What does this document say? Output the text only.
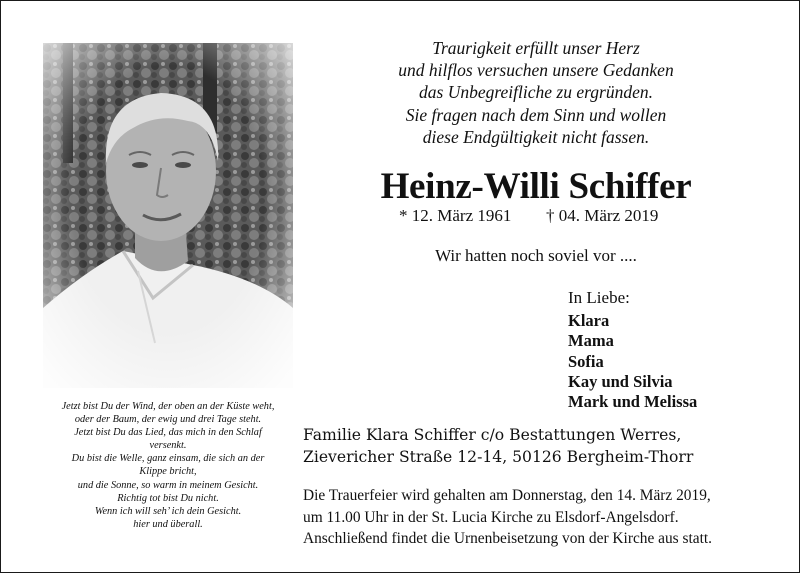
Jetzt bist Du der Wind, der oben an der Küste weht,
oder der Baum, der ewig und drei Tage steht.
Jetzt bist Du das Lied, das mich in den Schlaf
versenkt.
Du bist die Welle, ganz einsam, die sich an der
Klippe bricht,
und die Sonne, so warm in meinem Gesicht.
Richtig tot bist Du nicht.
Wenn ich will seh’ ich dein Gesicht.
hier und überall.
Traurigkeit erfüllt unser Herz
und hilflos versuchen unsere Gedanken
das Unbegreifliche zu ergründen.
Sie fragen nach dem Sinn und wollen
diese Endgültigkeit nicht fassen.
Heinz-Willi Schiffer
* 12. März 1961 † 04. März 2019
Wir hatten noch soviel vor ....
In Liebe:
Klara
Mama
Sofia
Kay und Silvia
Mark und Melissa
Familie Klara Schiffer c/o Bestattungen Werres,
Zievericher Straße 12-14, 50126 Bergheim-Thorr
Die Trauerfeier wird gehalten am Donnerstag, den 14. März 2019,
um 11.00 Uhr in der St. Lucia Kirche zu Elsdorf-Angelsdorf.
Anschließend findet die Urnenbeisetzung von der Kirche aus statt.
